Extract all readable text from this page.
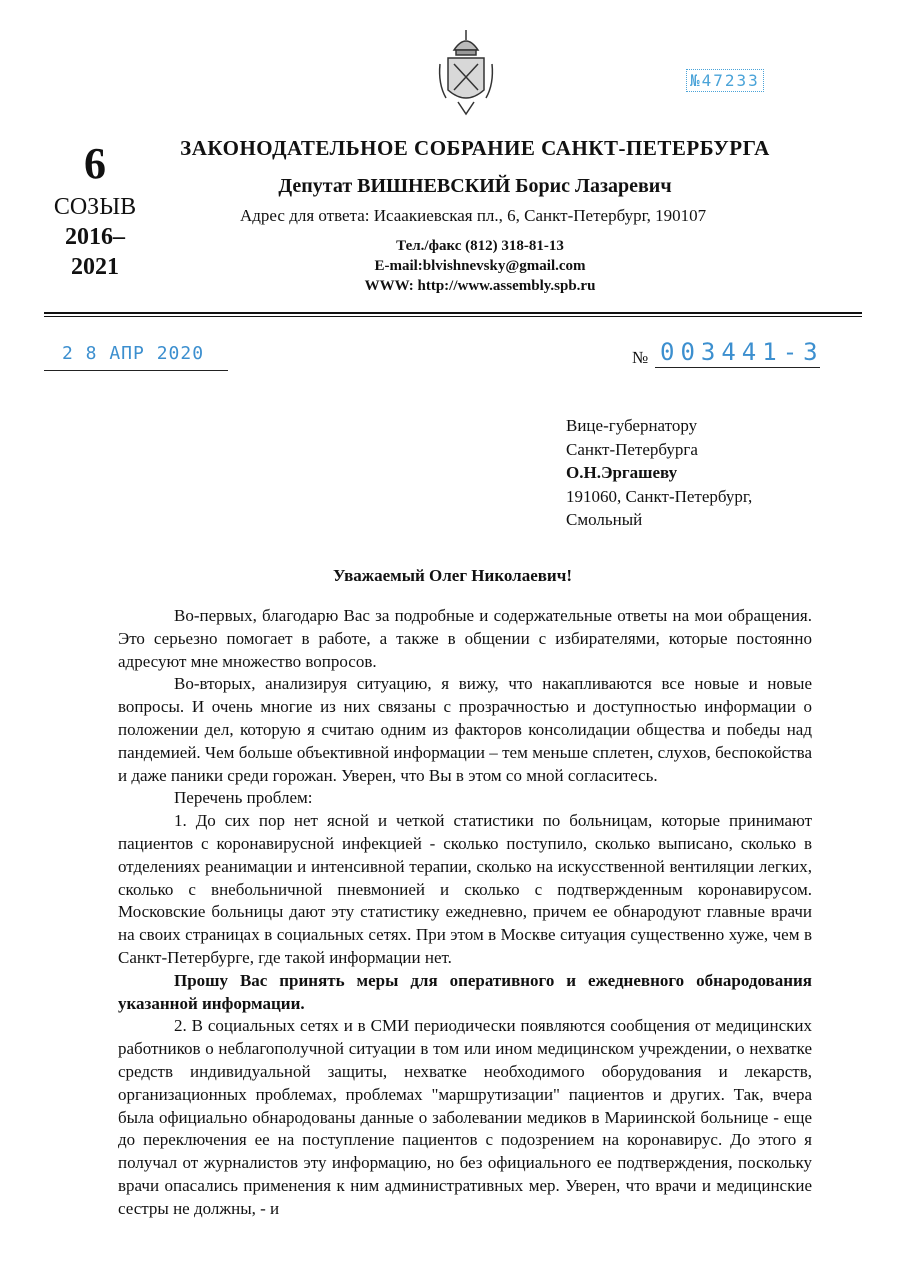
№47233
6
СОЗЫВ
2016–
2021
ЗАКОНОДАТЕЛЬНОЕ СОБРАНИЕ САНКТ-ПЕТЕРБУРГА
Депутат ВИШНЕВСКИЙ Борис Лазаревич
Адрес для ответа: Исаакиевская пл., 6, Санкт-Петербург, 190107
Тел./факс (812) 318-81-13
E-mail:blvishnevsky@gmail.com
WWW: http://www.assembly.spb.ru
2 8 АПР 2020	№ 003441-3
Вице-губернатору
Санкт-Петербурга
О.Н.Эргашеву
191060, Санкт-Петербург,
Смольный
Уважаемый Олег Николаевич!

Во-первых, благодарю Вас за подробные и содержательные ответы на мои обращения. Это серьезно помогает в работе, а также в общении с избирателями, которые постоянно адресуют мне множество вопросов.

Во-вторых, анализируя ситуацию, я вижу, что накапливаются все новые и новые вопросы. И очень многие из них связаны с прозрачностью и доступностью информации о положении дел, которую я считаю одним из факторов консолидации общества и победы над пандемией. Чем больше объективной информации – тем меньше сплетен, слухов, беспокойства и даже паники среди горожан. Уверен, что Вы в этом со мной согласитесь.

Перечень проблем:

1. До сих пор нет ясной и четкой статистики по больницам, которые принимают пациентов с коронавирусной инфекцией - сколько поступило, сколько выписано, сколько в отделениях реанимации и интенсивной терапии, сколько на искусственной вентиляции легких, сколько с внебольничной пневмонией и сколько с подтвержденным коронавирусом. Московские больницы дают эту статистику ежедневно, причем ее обнародуют главные врачи на своих страницах в социальных сетях. При этом в Москве ситуация существенно хуже, чем в Санкт-Петербурге, где такой информации нет.

Прошу Вас принять меры для оперативного и ежедневного обнародования указанной информации.

2. В социальных сетях и в СМИ периодически появляются сообщения от медицинских работников о неблагополучной ситуации в том или ином медицинском учреждении, о нехватке средств индивидуальной защиты, нехватке необходимого оборудования и лекарств, организационных проблемах, проблемах "маршрутизации" пациентов и других. Так, вчера была официально обнародованы данные о заболевании медиков в Мариинской больнице - еще до переключения ее на поступление пациентов с подозрением на коронавирус. До этого я получал от журналистов эту информацию, но без официального ее подтверждения, поскольку врачи опасались применения к ним административных мер. Уверен, что врачи и медицинские сестры не должны, - и
